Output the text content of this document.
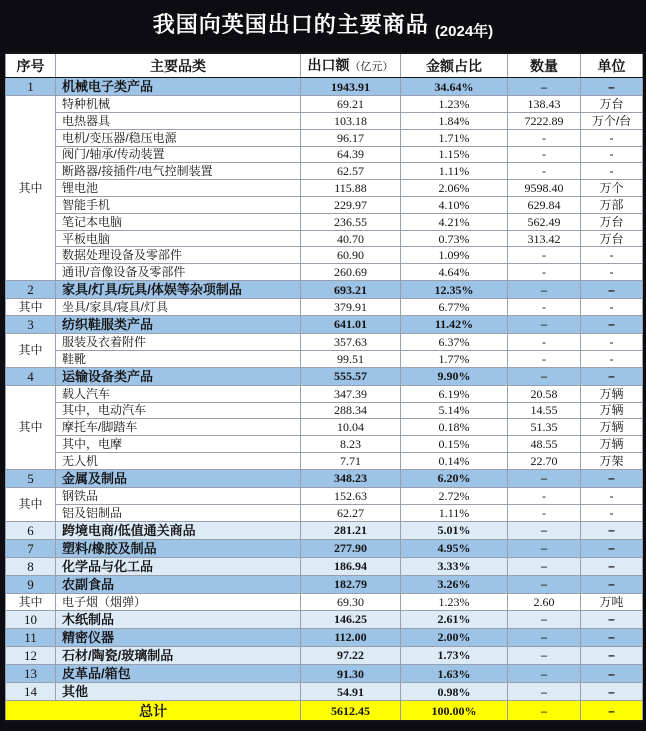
我国向英国出口的主要商品 (2024年)
序号	主要品类	出口额（亿元）	金额占比	数量	单位
1	机械电子类产品	1943.91	34.64%	–	–
其中	特种机械	69.21	1.23%	138.43	万台
	电热器具	103.18	1.84%	7222.89	万个/台
	电机/变压器/稳压电源	96.17	1.71%	-	-
	阀门/轴承/传动装置	64.39	1.15%	-	-
	断路器/接插件/电气控制装置	62.57	1.11%	-	-
	锂电池	115.88	2.06%	9598.40	万个
	智能手机	229.97	4.10%	629.84	万部
	笔记本电脑	236.55	4.21%	562.49	万台
	平板电脑	40.70	0.73%	313.42	万台
	数据处理设备及零部件	60.90	1.09%	-	-
	通讯/音像设备及零部件	260.69	4.64%	-	-
2	家具/灯具/玩具/体娱等杂项制品	693.21	12.35%	–	–
其中	坐具/家具/寝具/灯具	379.91	6.77%	-	-
3	纺织鞋服类产品	641.01	11.42%	–	–
其中	服装及衣着附件	357.63	6.37%	-	-
	鞋靴	99.51	1.77%	-	-
4	运输设备类产品	555.57	9.90%	–	–
其中	载人汽车	347.39	6.19%	20.58	万辆
	其中，电动汽车	288.34	5.14%	14.55	万辆
	摩托车/脚踏车	10.04	0.18%	51.35	万辆
	其中，电摩	8.23	0.15%	48.55	万辆
	无人机	7.71	0.14%	22.70	万架
5	金属及制品	348.23	6.20%	–	–
其中	钢铁品	152.63	2.72%	-	-
	铝及铝制品	62.27	1.11%	-	-
6	跨境电商/低值通关商品	281.21	5.01%	–	–
7	塑料/橡胶及制品	277.90	4.95%	–	–
8	化学品与化工品	186.94	3.33%	–	–
9	农副食品	182.79	3.26%	–	–
其中	电子烟（烟弹）	69.30	1.23%	2.60	万吨
10	木纸制品	146.25	2.61%	–	–
11	精密仪器	112.00	2.00%	–	–
12	石材/陶瓷/玻璃制品	97.22	1.73%	–	–
13	皮革品/箱包	91.30	1.63%	–	–
14	其他	54.91	0.98%	–	–
总计		5612.45	100.00%	–	–
